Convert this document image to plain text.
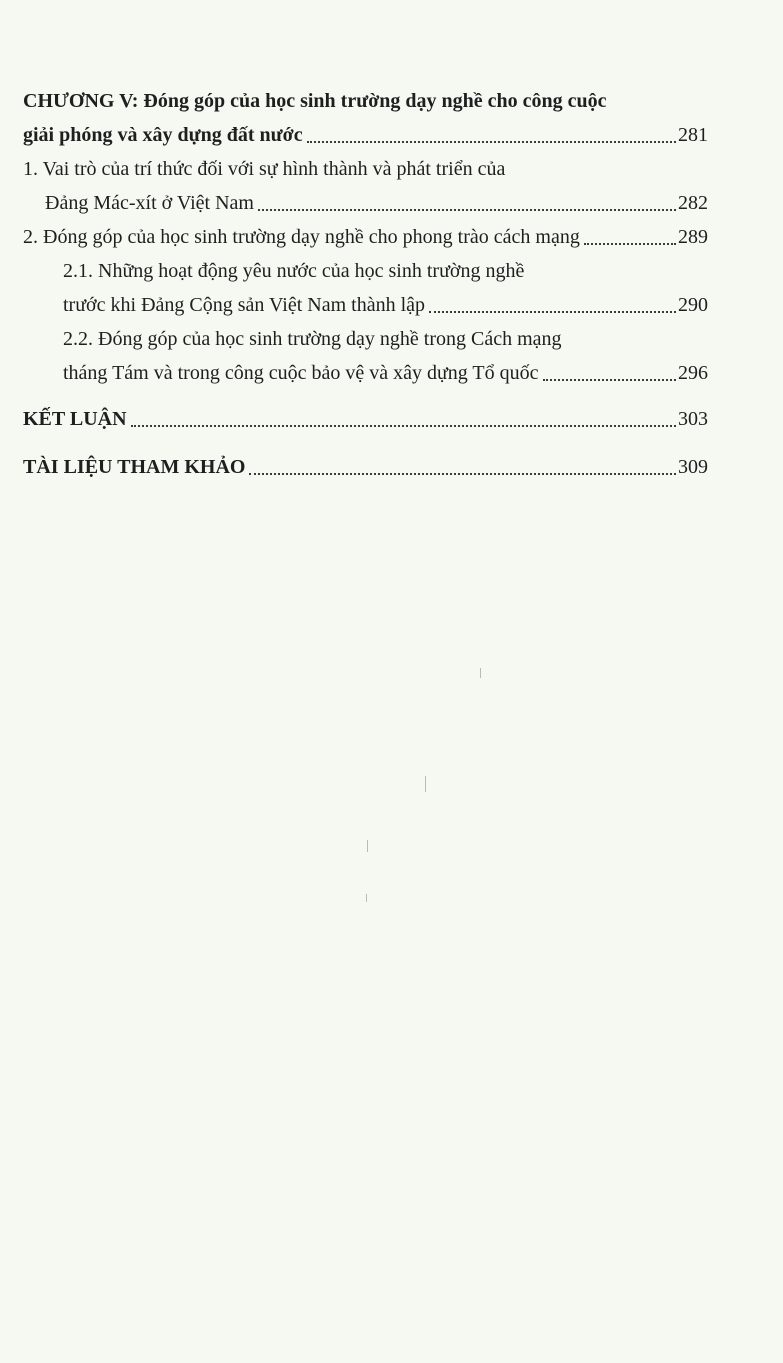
CHƯƠNG V: Đóng góp của học sinh trường dạy nghề cho công cuộc
giải phóng và xây dựng đất nước	281
1. Vai trò của trí thức đối với sự hình thành và phát triển của
Đảng Mác-xít ở Việt Nam	282
2. Đóng góp của học sinh trường dạy nghề cho phong trào cách mạng	289
2.1. Những hoạt động yêu nước của học sinh trường nghề
trước khi Đảng Cộng sản Việt Nam thành lập	290
2.2. Đóng góp của học sinh trường dạy nghề trong Cách mạng
tháng Tám và trong công cuộc bảo vệ và xây dựng Tổ quốc	296
KẾT LUẬN	303
TÀI LIỆU THAM KHẢO	309
